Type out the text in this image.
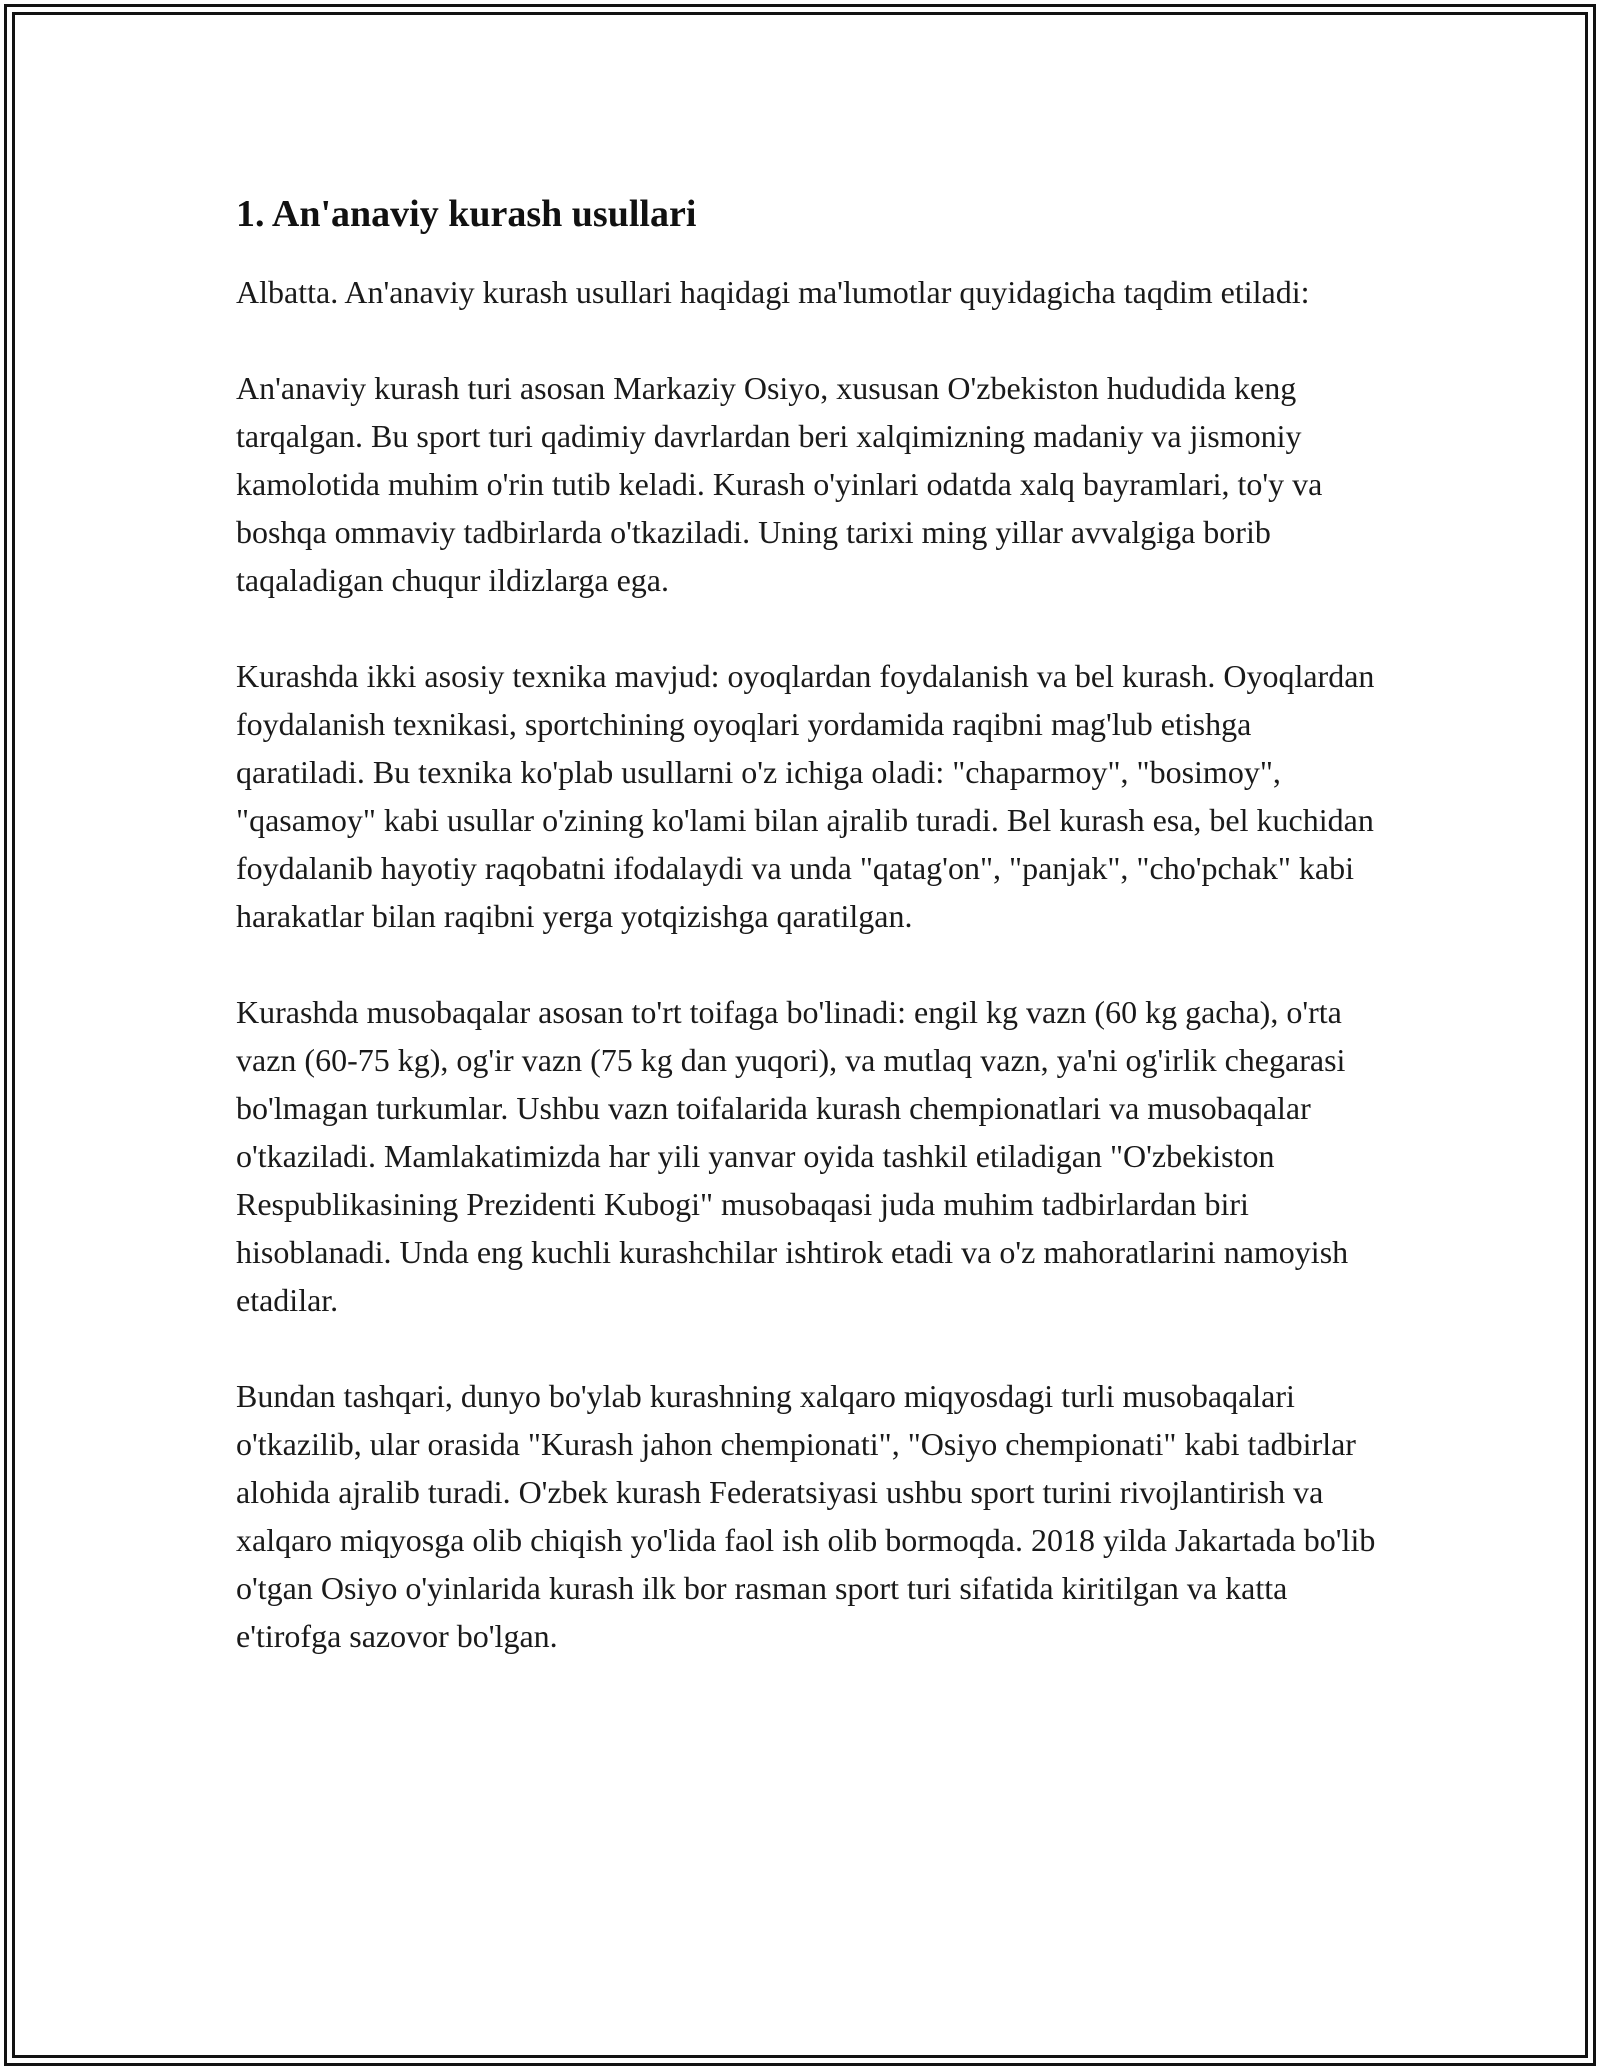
1. An'anaviy kurash usullari

Albatta. An'anaviy kurash usullari haqidagi ma'lumotlar quyidagicha taqdim etiladi:

An'anaviy kurash turi asosan Markaziy Osiyo, xususan O'zbekiston hududida keng tarqalgan. Bu sport turi qadimiy davrlardan beri xalqimizning madaniy va jismoniy kamolotida muhim o'rin tutib keladi. Kurash o'yinlari odatda xalq bayramlari, to'y va boshqa ommaviy tadbirlarda o'tkaziladi. Uning tarixi ming yillar avvalgiga borib taqaladigan chuqur ildizlarga ega.

Kurashda ikki asosiy texnika mavjud: oyoqlardan foydalanish va bel kurash. Oyoqlardan foydalanish texnikasi, sportchining oyoqlari yordamida raqibni mag'lub etishga qaratiladi. Bu texnika ko'plab usullarni o'z ichiga oladi: "chaparmoy", "bosimoy", "qasamoy" kabi usullar o'zining ko'lami bilan ajralib turadi. Bel kurash esa, bel kuchidan foydalanib hayotiy raqobatni ifodalaydi va unda "qatag'on", "panjak", "cho'pchak" kabi harakatlar bilan raqibni yerga yotqizishga qaratilgan.

Kurashda musobaqalar asosan to'rt toifaga bo'linadi: engil kg vazn (60 kg gacha), o'rta vazn (60-75 kg), og'ir vazn (75 kg dan yuqori), va mutlaq vazn, ya'ni og'irlik chegarasi bo'lmagan turkumlar. Ushbu vazn toifalarida kurash chempionatlari va musobaqalar o'tkaziladi. Mamlakatimizda har yili yanvar oyida tashkil etiladigan "O'zbekiston Respublikasining Prezidenti Kubogi" musobaqasi juda muhim tadbirlardan biri hisoblanadi. Unda eng kuchli kurashchilar ishtirok etadi va o'z mahoratlarini namoyish etadilar.

Bundan tashqari, dunyo bo'ylab kurashning xalqaro miqyosdagi turli musobaqalari o'tkazilib, ular orasida "Kurash jahon chempionati", "Osiyo chempionati" kabi tadbirlar alohida ajralib turadi. O'zbek kurash Federatsiyasi ushbu sport turini rivojlantirish va xalqaro miqyosga olib chiqish yo'lida faol ish olib bormoqda. 2018 yilda Jakartada bo'lib o'tgan Osiyo o'yinlarida kurash ilk bor rasman sport turi sifatida kiritilgan va katta e'tirofga sazovor bo'lgan.
